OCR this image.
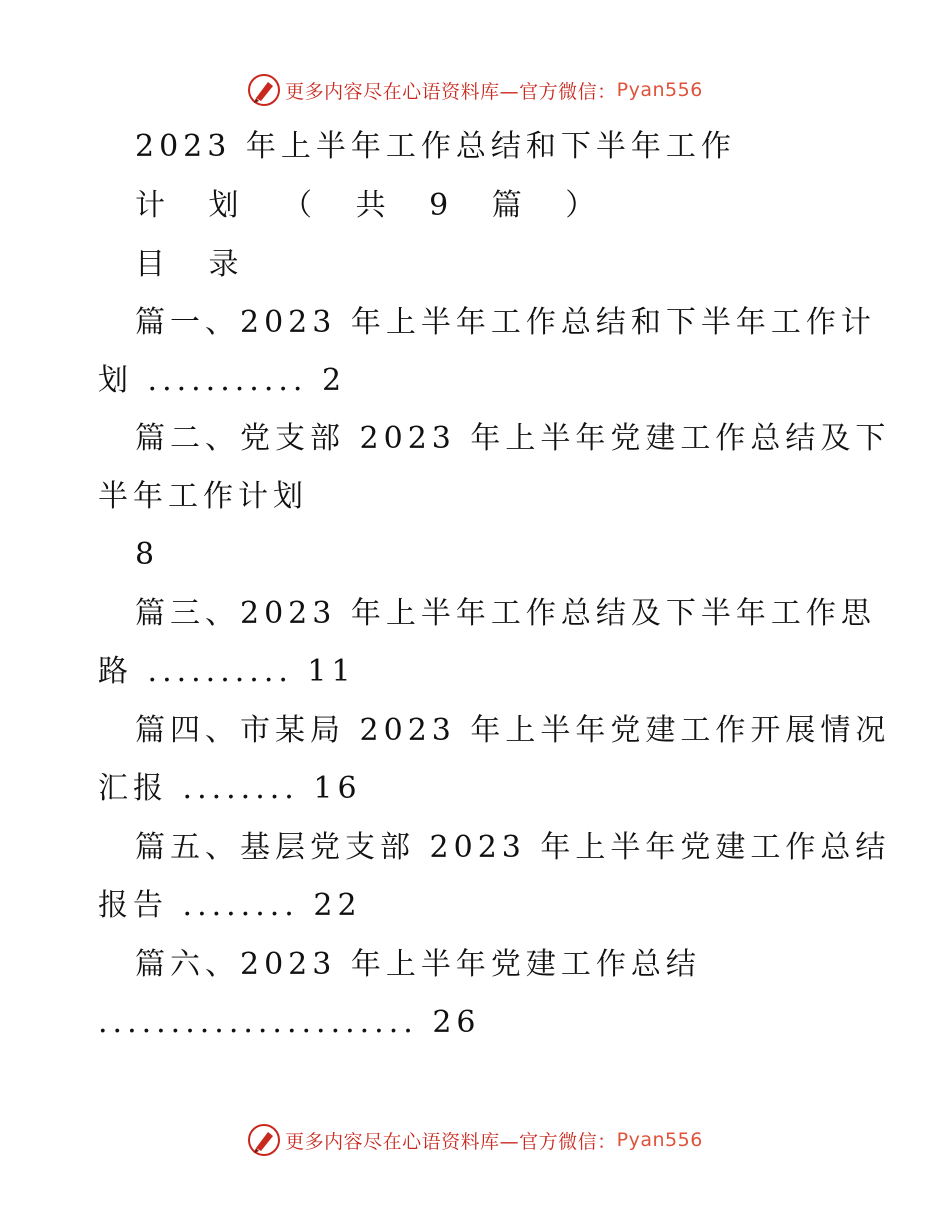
更多内容尽在心语资料库—官方微信： Pyan556
2023 年上半年工作总结和下半年工作
计 划 （ 共 9 篇 ）
目 录
篇一、2023 年上半年工作总结和下半年工作计
划 ........... 2
篇二、党支部 2023 年上半年党建工作总结及下
半年工作计划
8
篇三、2023 年上半年工作总结及下半年工作思
路 .......... 11
篇四、市某局 2023 年上半年党建工作开展情况
汇报 ........ 16
篇五、基层党支部 2023 年上半年党建工作总结
报告 ........ 22
篇六、2023 年上半年党建工作总结
...................... 26
更多内容尽在心语资料库—官方微信： Pyan556
